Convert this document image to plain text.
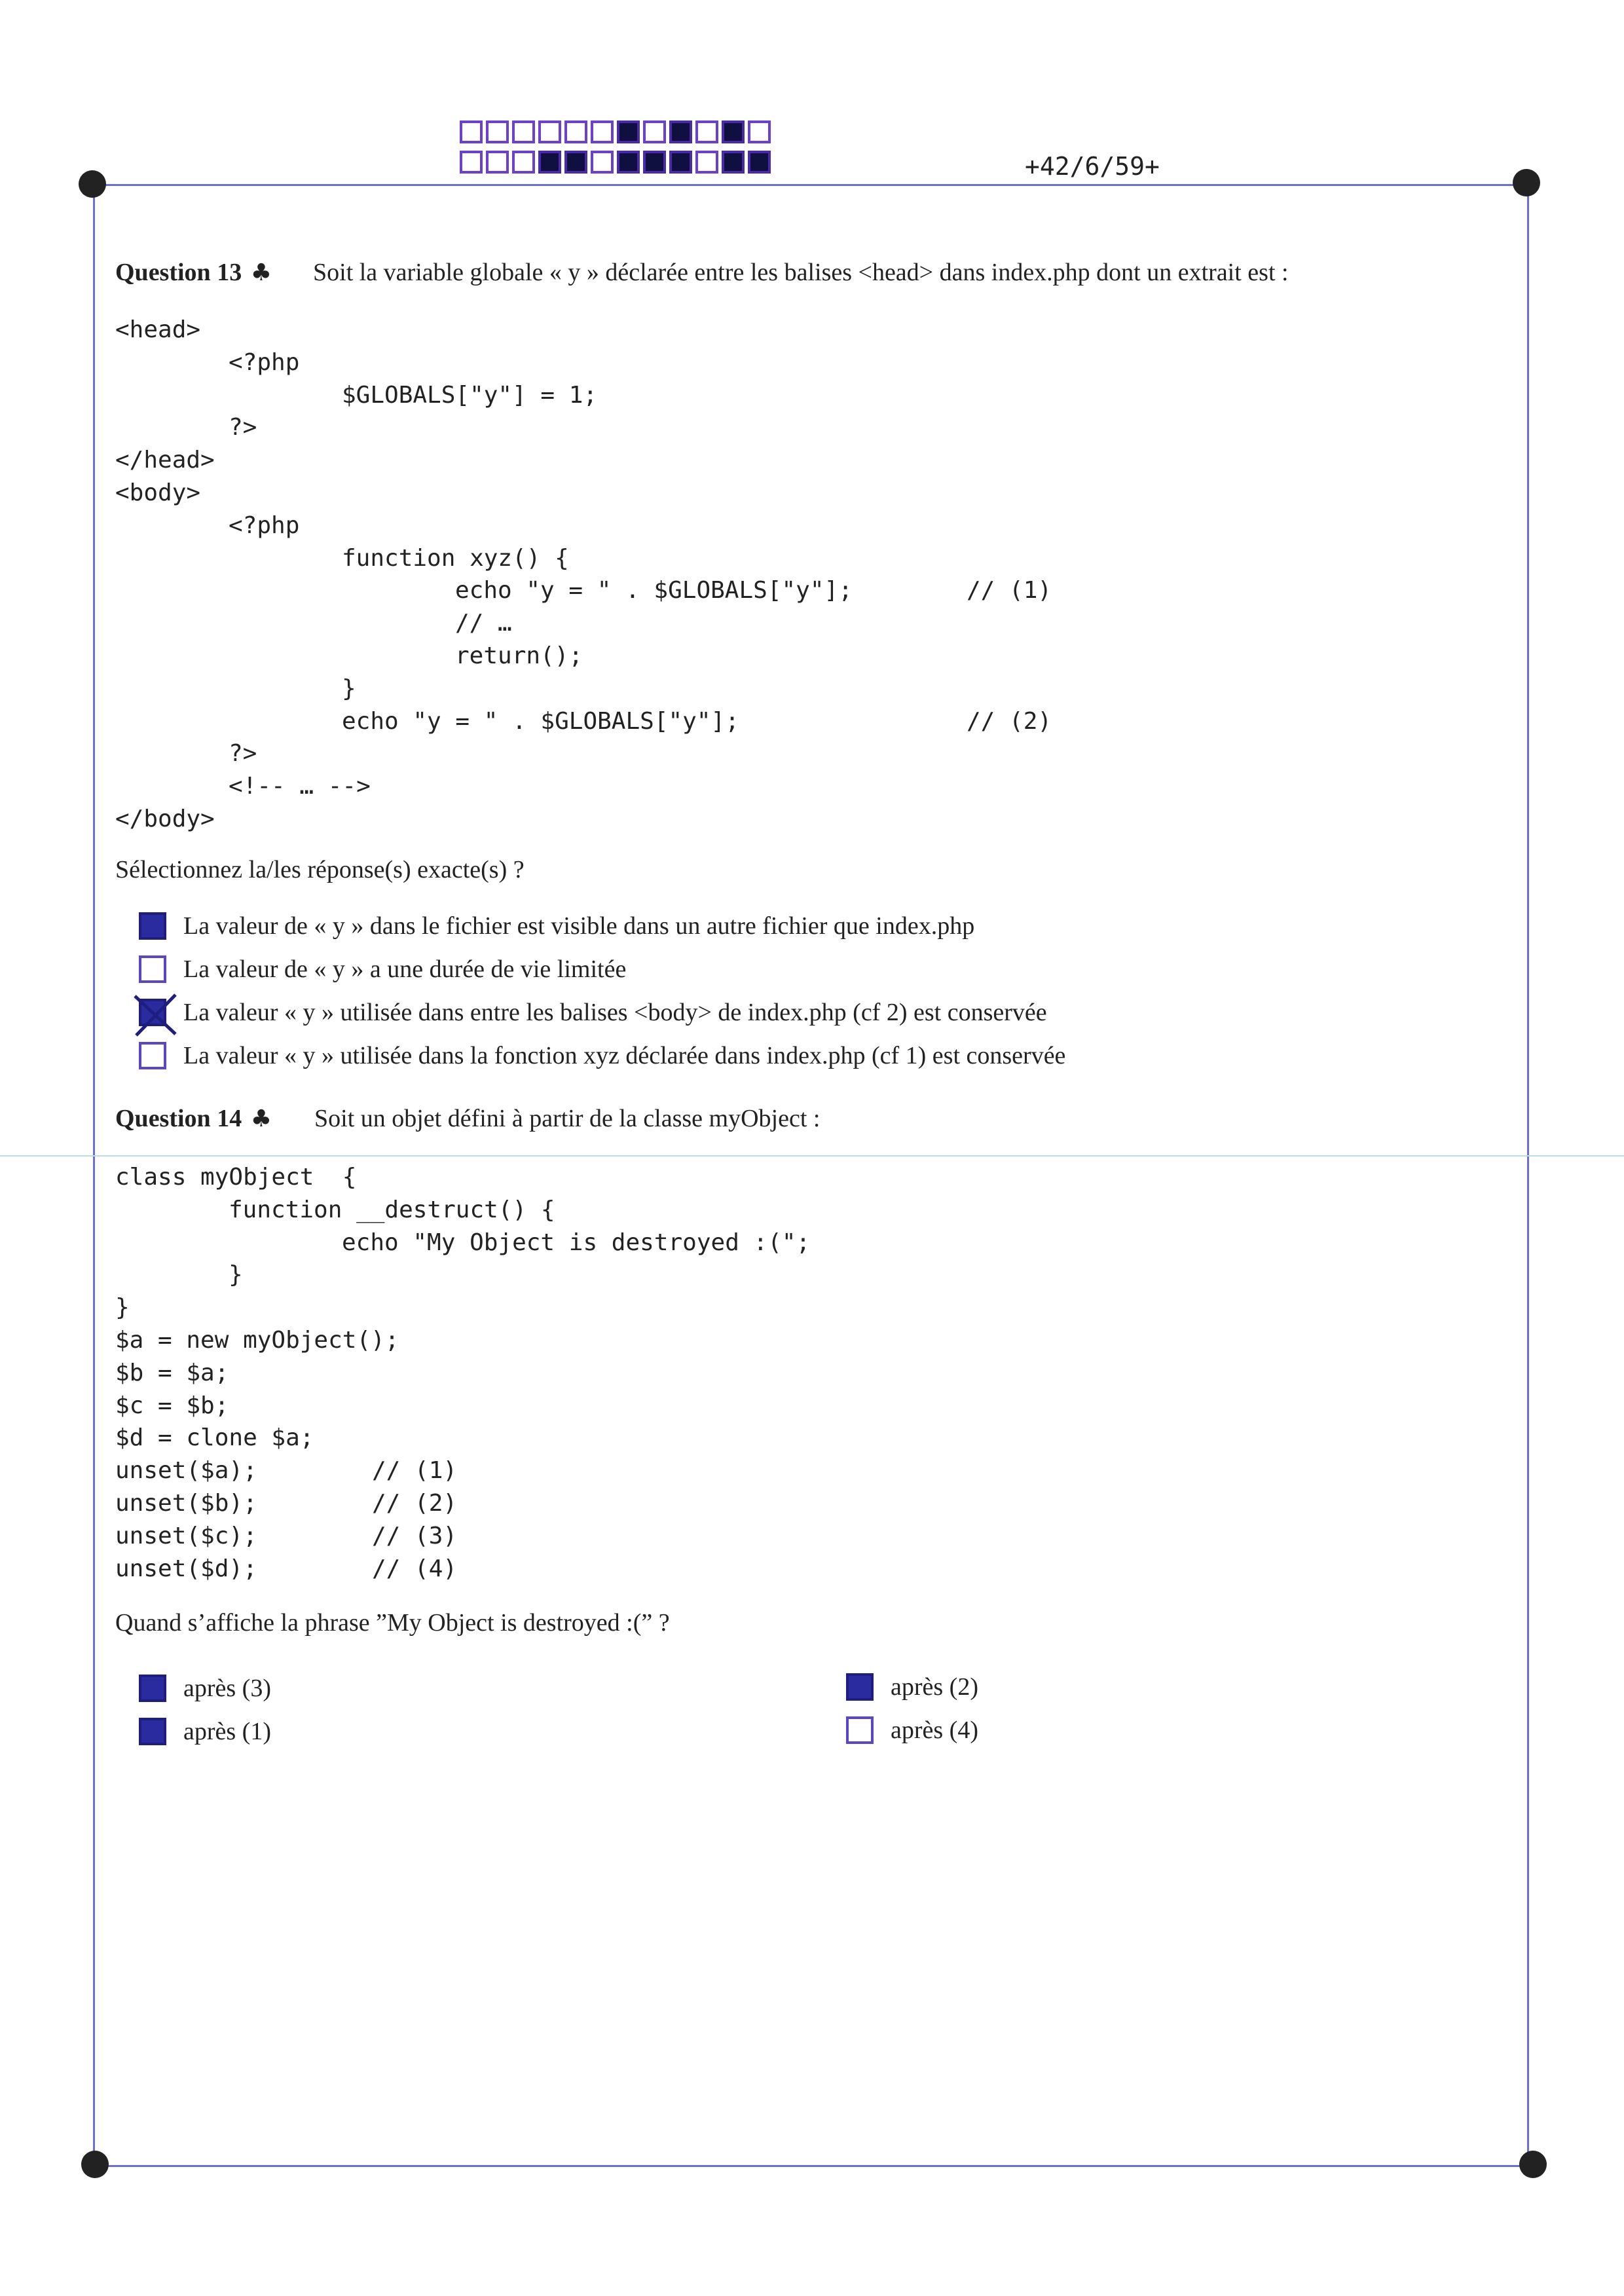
+42/6/59+
Question 13 ♣ Soit la variable globale « y » déclarée entre les balises <head> dans index.php dont un extrait est :
<head>
<?php
$GLOBALS["y"] = 1;
?>
</head>
<body>
<?php
function xyz() {
echo "y = " . $GLOBALS["y"];	// (1)
// …
return();
}
echo "y = " . $GLOBALS["y"];	// (2)
?>
<!-- … -->
</body>
Sélectionnez la/les réponse(s) exacte(s) ?
La valeur de « y » dans le fichier est visible dans un autre fichier que index.php
La valeur de « y » a une durée de vie limitée
La valeur « y » utilisée dans entre les balises <body> de index.php (cf 2) est conservée
La valeur « y » utilisée dans la fonction xyz déclarée dans index.php (cf 1) est conservée
Question 14 ♣ Soit un objet défini à partir de la classe myObject :
class myObject  {
function __destruct() {
echo "My Object is destroyed :(";
}
}
$a = new myObject();
$b = $a;
$c = $b;
$d = clone $a;
unset($a);	// (1)
unset($b);	// (2)
unset($c);	// (3)
unset($d);	// (4)
Quand s’affiche la phrase ”My Object is destroyed :(” ?
après (3)
après (1)
après (2)
après (4)
